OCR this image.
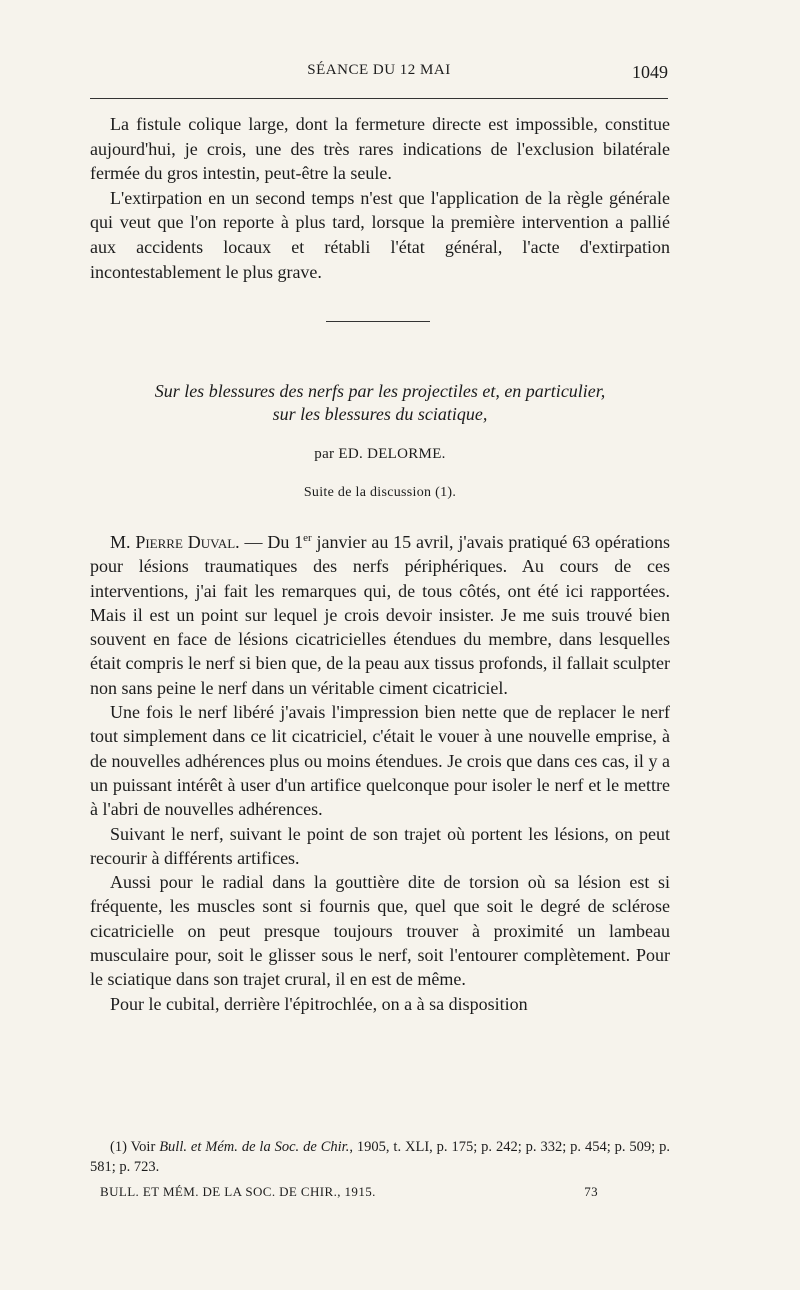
SÉANCE DU 12 MAI	1049

La fistule colique large, dont la fermeture directe est impossible, constitue aujourd'hui, je crois, une des très rares indications de l'exclusion bilatérale fermée du gros intestin, peut-être la seule.

L'extirpation en un second temps n'est que l'application de la règle générale qui veut que l'on reporte à plus tard, lorsque la première intervention a pallié aux accidents locaux et rétabli l'état général, l'acte d'extirpation incontestablement le plus grave.

Sur les blessures des nerfs par les projectiles et, en particulier,
sur les blessures du sciatique,
par ED. DELORME.
Suite de la discussion (1).

M. Pierre Duval. — Du 1er janvier au 15 avril, j'avais pratiqué 63 opérations pour lésions traumatiques des nerfs périphériques. Au cours de ces interventions, j'ai fait les remarques qui, de tous côtés, ont été ici rapportées. Mais il est un point sur lequel je crois devoir insister. Je me suis trouvé bien souvent en face de lésions cicatricielles étendues du membre, dans lesquelles était compris le nerf si bien que, de la peau aux tissus profonds, il fallait sculpter non sans peine le nerf dans un véritable ciment cicatriciel.

Une fois le nerf libéré j'avais l'impression bien nette que de replacer le nerf tout simplement dans ce lit cicatriciel, c'était le vouer à une nouvelle emprise, à de nouvelles adhérences plus ou moins étendues. Je crois que dans ces cas, il y a un puissant intérêt à user d'un artifice quelconque pour isoler le nerf et le mettre à l'abri de nouvelles adhérences.

Suivant le nerf, suivant le point de son trajet où portent les lésions, on peut recourir à différents artifices.

Aussi pour le radial dans la gouttière dite de torsion où sa lésion est si fréquente, les muscles sont si fournis que, quel que soit le degré de sclérose cicatricielle on peut presque toujours trouver à proximité un lambeau musculaire pour, soit le glisser sous le nerf, soit l'entourer complètement. Pour le sciatique dans son trajet crural, il en est de même.

Pour le cubital, derrière l'épitrochlée, on a à sa disposition

(1) Voir Bull. et Mém. de la Soc. de Chir., 1905, t. XLI, p. 175; p. 242; p. 332; p. 454; p. 509; p. 581; p. 723.

BULL. ET MÉM. DE LA SOC. DE CHIR., 1915.	73
